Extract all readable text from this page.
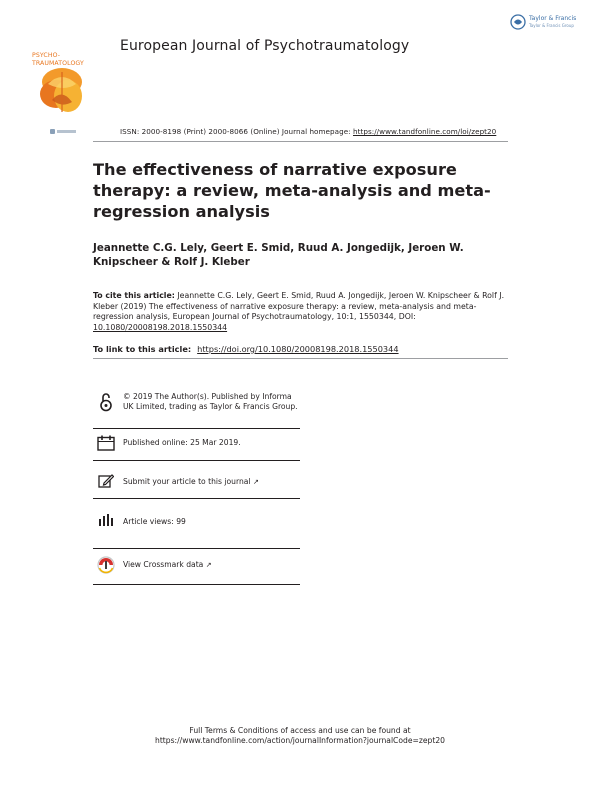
PSYCHO-
TRAUMATOLOGY
European Journal of Psychotraumatology
Taylor & Francis
Taylor & Francis Group
ISSN: 2000-8198 (Print) 2000-8066 (Online) Journal homepage: https://www.tandfonline.com/loi/zept20
The effectiveness of narrative exposure therapy: a review, meta-analysis and meta-regression analysis
Jeannette C.G. Lely, Geert E. Smid, Ruud A. Jongedijk, Jeroen W. Knipscheer & Rolf J. Kleber
To cite this article: Jeannette C.G. Lely, Geert E. Smid, Ruud A. Jongedijk, Jeroen W. Knipscheer & Rolf J. Kleber (2019) The effectiveness of narrative exposure therapy: a review, meta-analysis and meta-regression analysis, European Journal of Psychotraumatology, 10:1, 1550344, DOI: 10.1080/20008198.2018.1550344
To link to this article: https://doi.org/10.1080/20008198.2018.1550344
© 2019 The Author(s). Published by Informa UK Limited, trading as Taylor & Francis Group.
Published online: 25 Mar 2019.
Submit your article to this journal ↗
Article views: 99
View Crossmark data ↗
Full Terms & Conditions of access and use can be found at
https://www.tandfonline.com/action/journalInformation?journalCode=zept20
